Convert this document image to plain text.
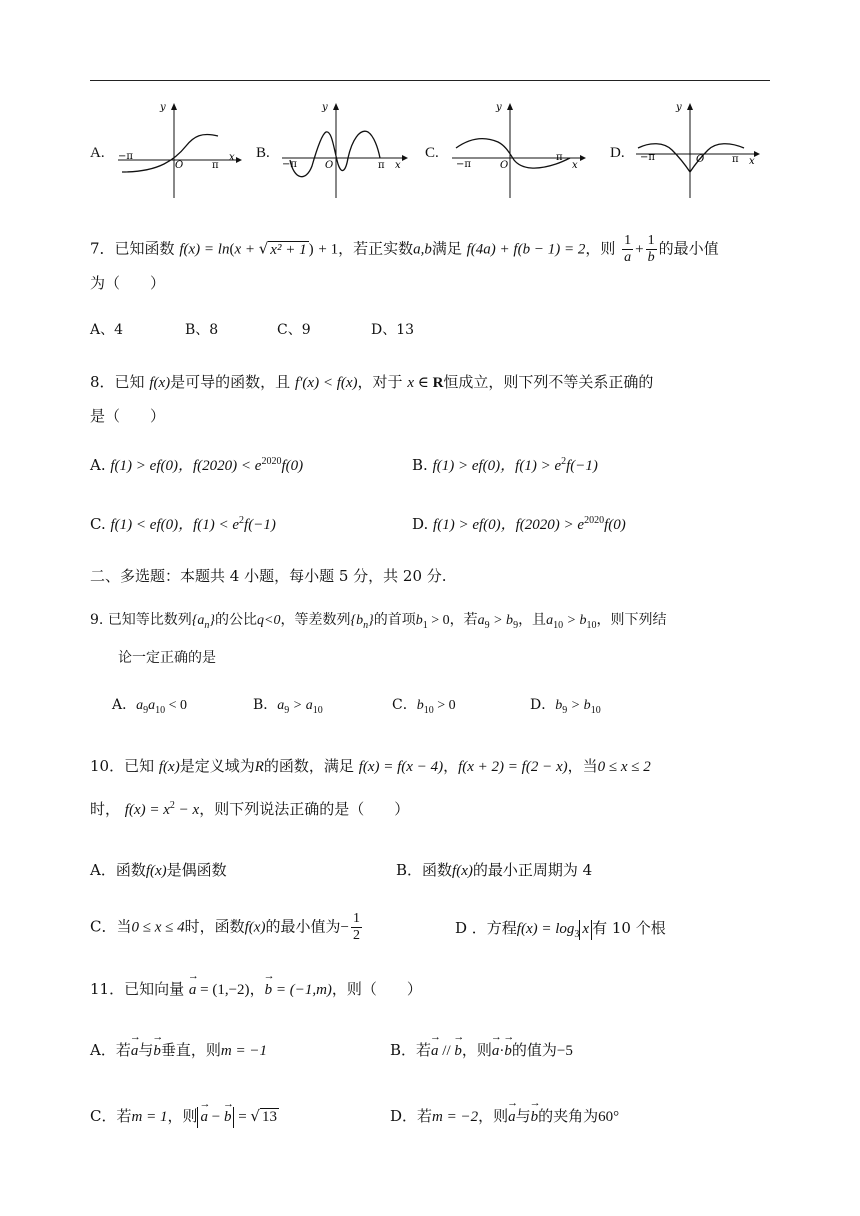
A.
y
x
−π
O	π
B.
y
x
−π	O	π
C.
y
x
−π	O
π	D.
y
x
−π	O	π
7．已知函数 f(x) = ln(x + √ x² + 1 ) + 1，若正实数a,b满足 f(4a) + f(b − 1) = 2，则 $\frac{1}{a} + \frac{1}{b}$ 的最小值
为（　　）
A、4	B、8	C、9	D、13
8．已知 f(x)是可导的函数，且 f′(x) < f(x)，对于 x ∈ R恒成立，则下列不等关系正确的
是（　　）
A. f(1) > ef(0)，$f(2020) < e^{2020}f(0)$	B. f(1) > ef(0)，$f(1) > e^2f(-1)$
C. f(1) < ef(0)，$f(1) < e^2f(-1)$	D. f(1) > ef(0)，$f(2020) > e^{2020}f(0)$
二、多选题：本题共 4 小题，每小题 5 分，共 20 分.
9. 已知等比数列$\{a_n\}$的公比q<0，等差数列$\{b_n\}$的首项$b_1 > 0$，若$a_9 > b_9$，且$a_{10} > b_{10}$，则下列结
论一定正确的是
A．$a_9a_{10} < 0$	B．$a_9 > a_{10}$	C．$b_{10} > 0$	D．$b_9 > b_{10}$
10．已知 f(x)是定义域为R的函数，满足 f(x) = f(x − 4)，f(x + 2) = f(2 − x)，当0 ≤ x ≤ 2
时， $f(x) = x^2 - x$，则下列说法正确的是（　　）
A．函数f(x)是偶函数	B．函数f(x)的最小正周期为 4
C．当0 ≤ x ≤ 4时，函数f(x)的最小值为− $\frac{1}{2}$	D ．方程$f(x) = \log_3 x$ 有 10 个根
11．已知向量 → a = (1,−2)，→ b = (−1,m)，则（　　）
A．若→ a与→ b垂直，则m = −1	B．若→ a // → b，则→ a·→ b的值为−5
C．若m = 1，则 → a − → b = √ 13	D．若m = −2，则→ a与→ b的夹角为60°
